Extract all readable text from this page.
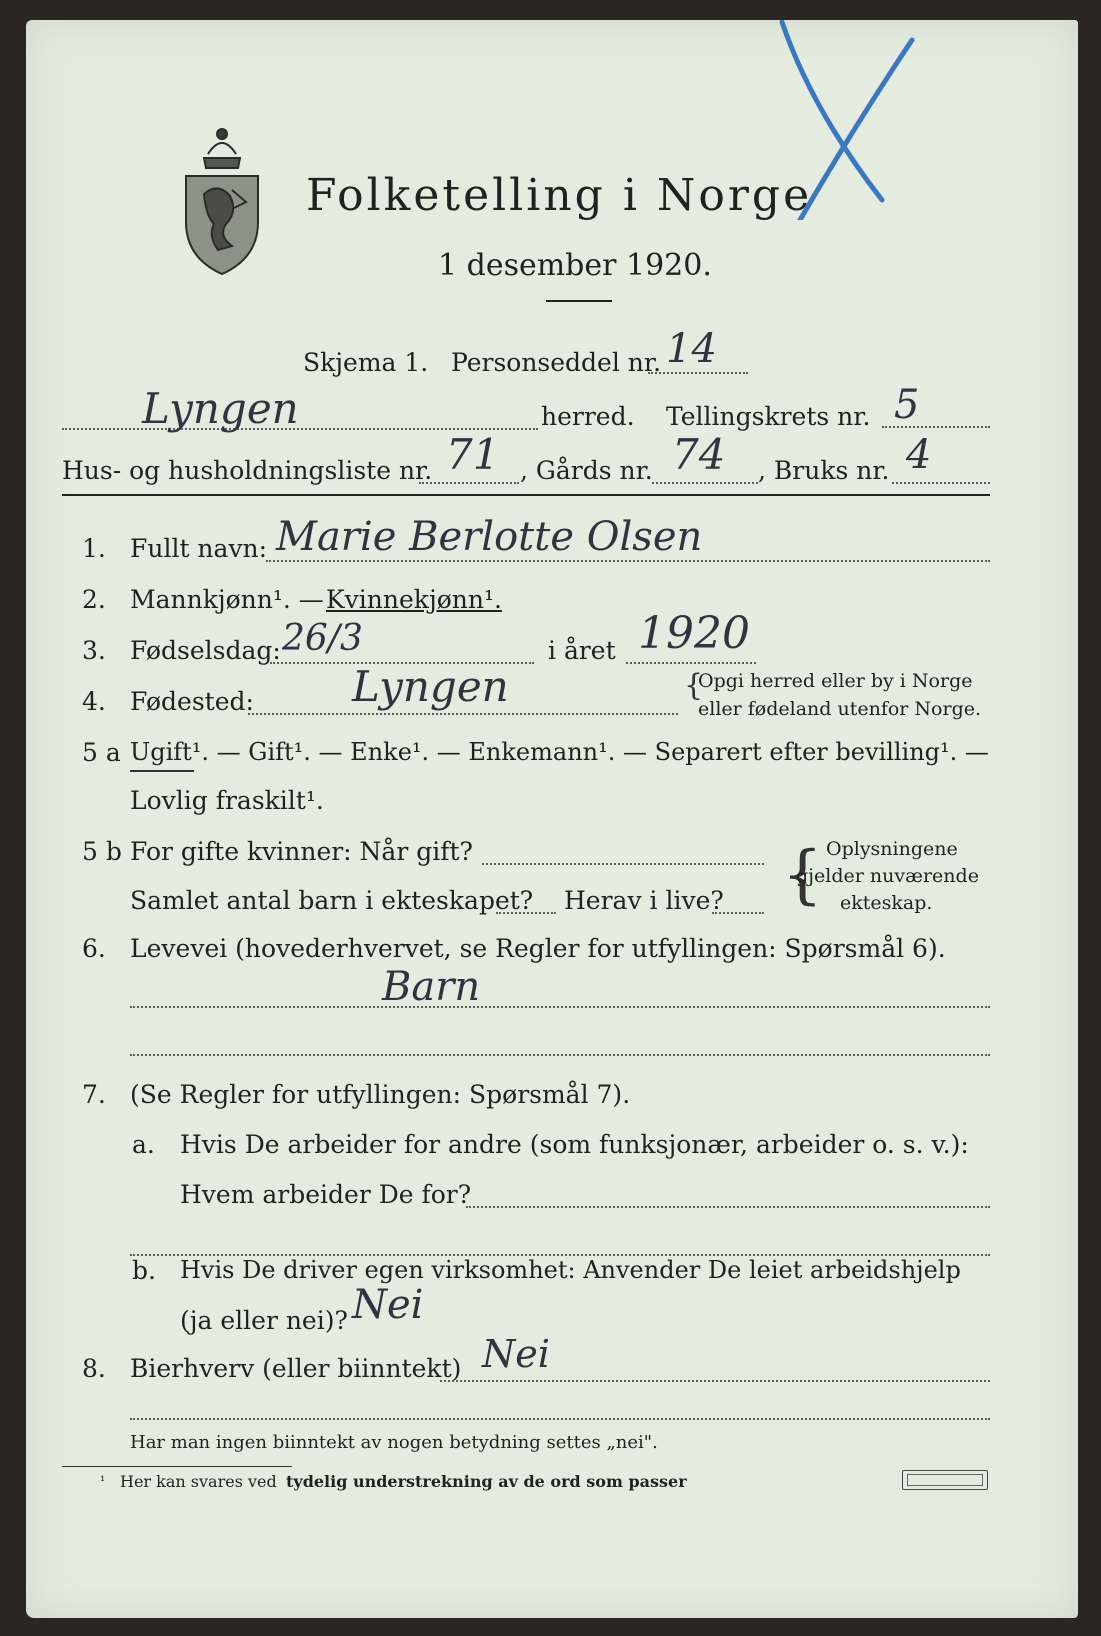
Folketelling i Norge
1 desember 1920.
Skjema 1. Personseddel nr. 14
Lyngen	herred. Tellingskrets nr. 5
Hus- og husholdningsliste nr. 71 , Gårds nr. 74 , Bruks nr. 4
1. Fullt navn: Marie Berlotte Olsen
2. Mannkjønn¹. — Kvinnekjønn¹.
3. Fødselsdag: 26/3	i året 1920
4. Fødested: Lyngen	{
Opgi herred eller by i Norge
eller fødeland utenfor Norge.
5 a Ugift¹. — Gift¹. — Enke¹. — Enkemann¹. — Separert efter bevilling¹. —
Lovlig fraskilt¹.
5 b For gifte kvinner: Når gift?
Samlet antal barn i ekteskapet? Herav i live? { Oplysningene
gjelder nuværende
ekteskap.
6. Levevei (hovederhvervet, se Regler for utfyllingen: Spørsmål 6).
Barn
7. (Se Regler for utfyllingen: Spørsmål 7).
a. Hvis De arbeider for andre (som funksjonær, arbeider o. s. v.):
Hvem arbeider De for?
b. Hvis De driver egen virksomhet: Anvender De leiet arbeidshjelp
(ja eller nei)? Nei
8. Bierhverv (eller biinntekt) Nei
Har man ingen biinntekt av nogen betydning settes „nei".
¹ Her kan svares ved tydelig understrekning av de ord som passer
